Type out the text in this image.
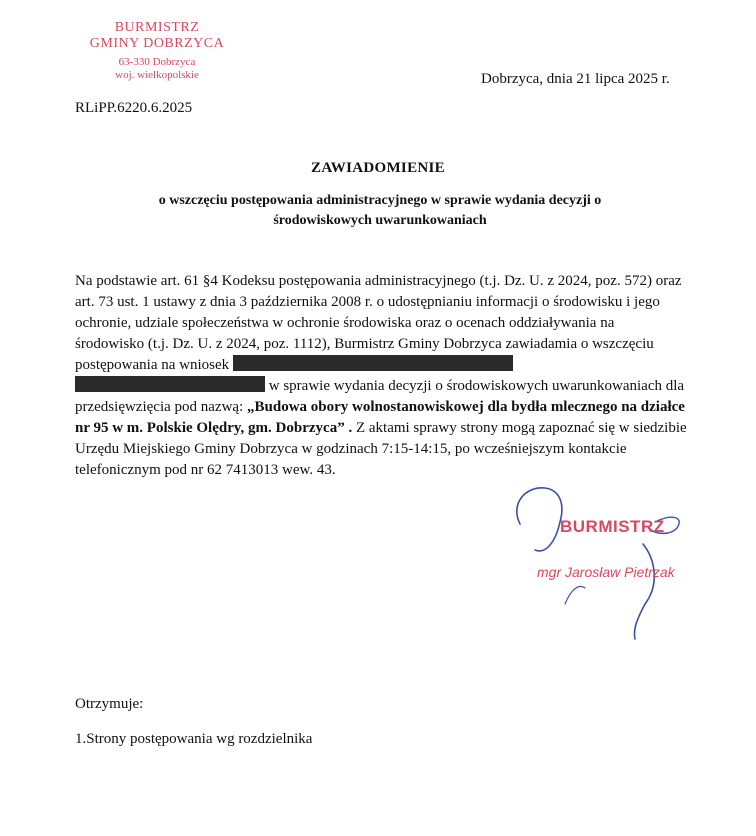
BURMISTRZ
GMINY DOBRZYCA
63-330 Dobrzyca
woj. wielkopolskie	Dobrzyca, dnia 21 lipca 2025 r.
RLiPP.6220.6.2025
ZAWIADOMIENIE
o wszczęciu postępowania administracyjnego w sprawie wydania decyzji o
środowiskowych uwarunkowaniach

Na podstawie art. 61 §4 Kodeksu postępowania administracyjnego (t.j. Dz. U. z 2024, poz. 572) oraz art. 73 ust. 1 ustawy z dnia 3 października 2008 r. o udostępnianiu informacji o środowisku i jego ochronie, udziale społeczeństwa w ochronie środowiska oraz o ocenach oddziaływania na środowisko (t.j. Dz. U. z 2024, poz. 1112), Burmistrz Gminy Dobrzyca zawiadamia o wszczęciu postępowania na wniosek
w sprawie wydania decyzji o środowiskowych uwarunkowaniach dla przedsięwzięcia pod nazwą: „Budowa obory wolnostanowiskowej dla bydła mlecznego na działce nr 95 w m. Polskie Olędry, gm. Dobrzyca” . Z aktami sprawy strony mogą zapoznać się w siedzibie Urzędu Miejskiego Gminy Dobrzyca w godzinach 7:15-14:15, po wcześniejszym kontakcie telefonicznym pod nr 62 7413013 wew. 43.

BURMISTRZ
mgr Jarosław Pietrzak
Otrzymuje:
1.Strony postępowania wg rozdzielnika
